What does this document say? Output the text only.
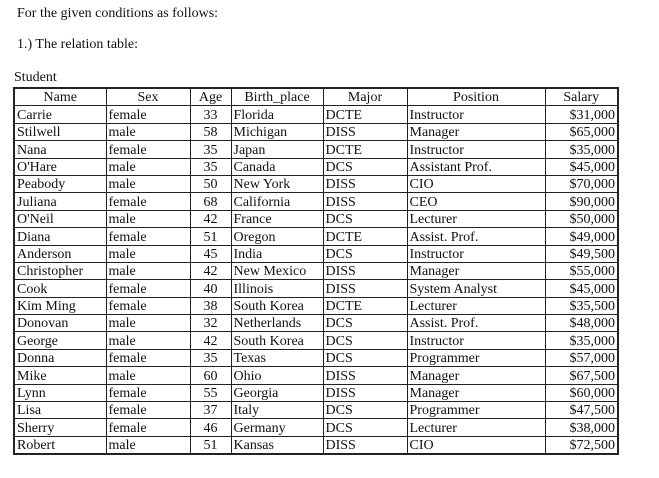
For the given conditions as follows:
1.) The relation table:
Student
Name	Sex	Age	Birth_place	Major	Position	Salary
Carrie	female	33	Florida	DCTE	Instructor	$31,000
Stilwell	male	58	Michigan	DISS	Manager	$65,000
Nana	female	35	Japan	DCTE	Instructor	$35,000
O'Hare	male	35	Canada	DCS	Assistant Prof.	$45,000
Peabody	male	50	New York	DISS	CIO	$70,000
Juliana	female	68	California	DISS	CEO	$90,000
O'Neil	male	42	France	DCS	Lecturer	$50,000
Diana	female	51	Oregon	DCTE	Assist. Prof.	$49,000
Anderson	male	45	India	DCS	Instructor	$49,500
Christopher	male	42	New Mexico	DISS	Manager	$55,000
Cook	female	40	Illinois	DISS	System Analyst	$45,000
Kim Ming	female	38	South Korea	DCTE	Lecturer	$35,500
Donovan	male	32	Netherlands	DCS	Assist. Prof.	$48,000
George	male	42	South Korea	DCS	Instructor	$35,000
Donna	female	35	Texas	DCS	Programmer	$57,000
Mike	male	60	Ohio	DISS	Manager	$67,500
Lynn	female	55	Georgia	DISS	Manager	$60,000
Lisa	female	37	Italy	DCS	Programmer	$47,500
Sherry	female	46	Germany	DCS	Lecturer	$38,000
Robert	male	51	Kansas	DISS	CIO	$72,500
